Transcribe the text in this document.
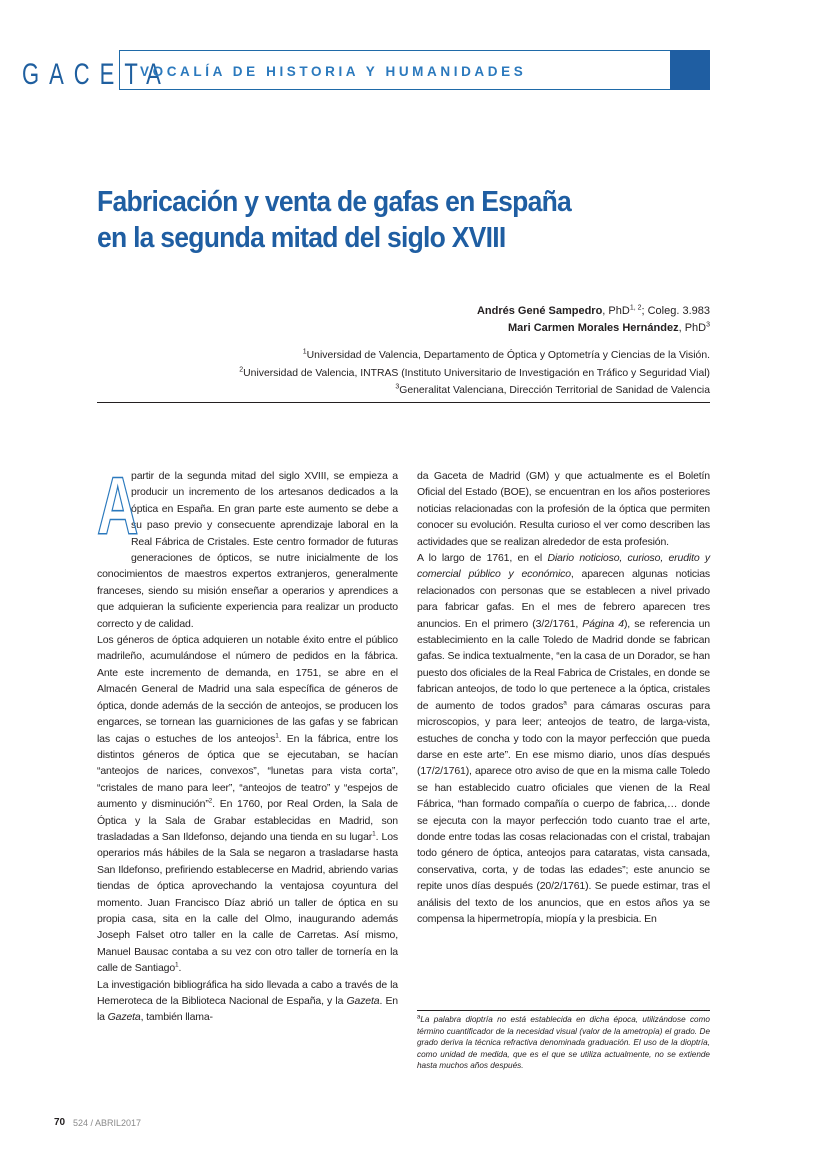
GACETA
VOCALÍA DE HISTORIA Y HUMANIDADES
Fabricación y venta de gafas en España
en la segunda mitad del siglo XVIII
Andrés Gené Sampedro, PhD$^{1, 2}$; Coleg. 3.983
Mari Carmen Morales Hernández, PhD$^3$
$^1$Universidad de Valencia, Departamento de Óptica y Optometría y Ciencias de la Visión.
$^2$Universidad de Valencia, INTRAS (Instituto Universitario de Investigación en Tráfico y Seguridad Vial)
$^3$Generalitat Valenciana, Dirección Territorial de Sanidad de Valencia

A
partir de la segunda mitad del siglo XVIII, se empieza a producir un incremento de los artesanos dedicados a la óptica en España. En gran parte este aumento se debe a su paso previo y consecuente aprendizaje laboral en la Real Fábrica de Cristales. Este centro formador de futuras generaciones de ópticos, se nutre inicialmente de los conocimientos de maestros expertos extranjeros, generalmente franceses, siendo su misión enseñar a operarios y aprendices a que adquieran la suficiente experiencia para realizar un producto correcto y de calidad.

Los géneros de óptica adquieren un notable éxito entre el público madrileño, acumulándose el número de pedidos en la fábrica. Ante este incremento de demanda, en 1751, se abre en el Almacén General de Madrid una sala específica de géneros de óptica, donde además de la sección de anteojos, se producen los engarces, se tornean las guarniciones de las gafas y se fabrican las cajas o estuches de los anteojos$^1$. En la fábrica, entre los distintos géneros de óptica que se ejecutaban, se hacían “anteojos de narices, convexos”, “lunetas para vista corta”, “cristales de mano para leer”, “anteojos de teatro” y “espejos de aumento y disminución”$^2$. En 1760, por Real Orden, la Sala de Óptica y la Sala de Grabar establecidas en Madrid, son trasladadas a San Ildefonso, dejando una tienda en su lugar$^1$. Los operarios más hábiles de la Sala se negaron a trasladarse hasta San Ildefonso, prefiriendo establecerse en Madrid, abriendo varias tiendas de óptica aprovechando la ventajosa coyuntura del momento. Juan Francisco Díaz abrió un taller de óptica en su propia casa, sita en la calle del Olmo, inaugurando además Joseph Falset otro taller en la calle de Carretas. Así mismo, Manuel Bausac contaba a su vez con otro taller de tornería en la calle de Santiago$^1$.

La investigación bibliográfica ha sido llevada a cabo a través de la Hemeroteca de la Biblioteca Nacional de España, y la Gazeta. En la Gazeta, también llama-

da Gaceta de Madrid (GM) y que actualmente es el Boletín Oficial del Estado (BOE), se encuentran en los años posteriores noticias relacionadas con la profesión de la óptica que permiten conocer su evolución. Resulta curioso el ver como describen las actividades que se realizan alrededor de esta profesión.

A lo largo de 1761, en el Diario noticioso, curioso, erudito y comercial público y económico, aparecen algunas noticias relacionados con personas que se establecen a nivel privado para fabricar gafas. En el mes de febrero aparecen tres anuncios. En el primero (3/2/1761, Página 4), se referencia un establecimiento en la calle Toledo de Madrid donde se fabrican gafas. Se indica textualmente, “en la casa de un Dorador, se han puesto dos oficiales de la Real Fabrica de Cristales, en donde se fabrican anteojos, de todo lo que pertenece a la óptica, cristales de aumento de todos grados$^a$ para cámaras oscuras para microscopios, y para leer; anteojos de teatro, de larga-vista, estuches de concha y todo con la mayor perfección que pueda darse en este arte”. En ese mismo diario, unos días después (17/2/1761), aparece otro aviso de que en la misma calle Toledo se han establecido cuatro oficiales que vienen de la Real Fábrica, “han formado compañía o cuerpo de fabrica,… donde se ejecuta con la mayor perfección todo cuanto trae el arte, donde entre todas las cosas relacionadas con el cristal, trabajan todo género de óptica, anteojos para cataratas, vista cansada, conservativa, corta, y de todas las edades”; este anuncio se repite unos días después (20/2/1761). Se puede estimar, tras el análisis del texto de los anuncios, que en estos años ya se compensa la hipermetropía, miopía y la presbicia. En

$^a$La palabra dioptría no está establecida en dicha época, utilizándose como término cuantificador de la necesidad visual (valor de la ametropía) el grado. De grado deriva la técnica refractiva denominada graduación. El uso de la dioptría, como unidad de medida, que es el que se utiliza actualmente, no se extiende hasta muchos años después.
70 524 / ABRIL2017
